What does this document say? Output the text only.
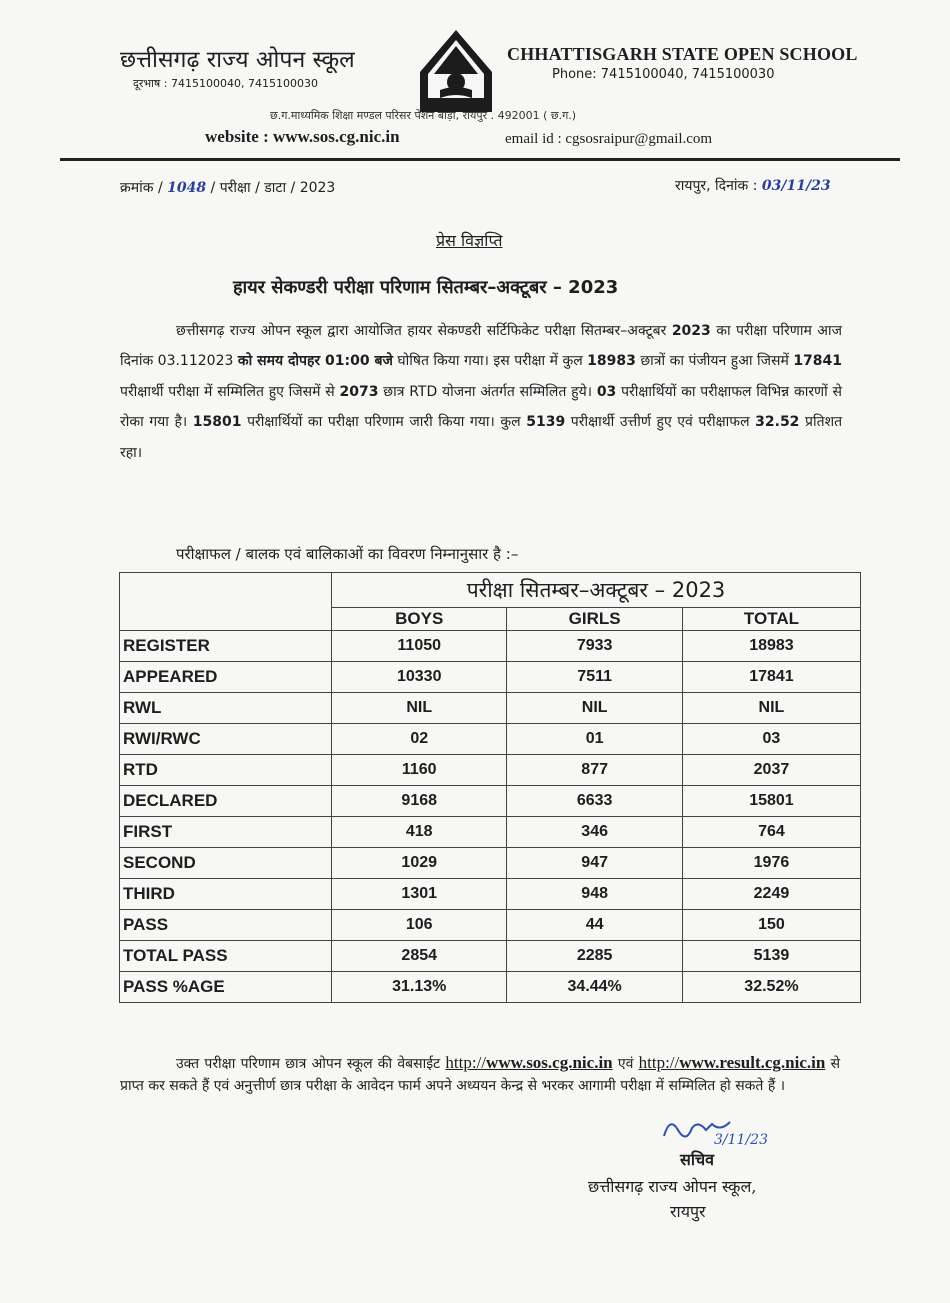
छत्तीसगढ़ राज्य ओपन स्कूल
दूरभाष : 7415100040, 7415100030
CHHATTISGARH STATE OPEN SCHOOL
Phone: 7415100040, 7415100030
छ.ग.माध्यमिक शिक्षा मण्डल परिसर पेंशन बाड़ा, रायपुर . 492001 ( छ.ग.)
website : www.sos.cg.nic.in	email id : cgsosraipur@gmail.com
क्रमांक / 1048 / परीक्षा / डाटा / 2023	रायपुर, दिनांक : 03/11/23
प्रेस विज्ञप्ति
हायर सेकण्डरी परीक्षा परिणाम सितम्बर–अक्टूबर – 2023
छत्तीसगढ़ राज्य ओपन स्कूल द्वारा आयोजित हायर सेकण्डरी सर्टिफिकेट परीक्षा सितम्बर–अक्टूबर 2023 का परीक्षा परिणाम आज दिनांक 03.112023 को समय दोपहर 01:00 बजे घोषित किया गया। इस परीक्षा में कुल 18983 छात्रों का पंजीयन हुआ जिसमें 17841 परीक्षार्थी परीक्षा में सम्मिलित हुए जिसमें से 2073 छात्र RTD योजना अंतर्गत सम्मिलित हुये। 03 परीक्षार्थियों का परीक्षाफल विभिन्न कारणों से रोका गया है। 15801 परीक्षार्थियों का परीक्षा परिणाम जारी किया गया। कुल 5139 परीक्षार्थी उत्तीर्ण हुए एवं परीक्षाफल 32.52 प्रतिशत रहा।
परीक्षाफल / बालक एवं बालिकाओं का विवरण निम्नानुसार है :–
	परीक्षा सितम्बर–अक्टूबर – 2023		
	BOYS	GIRLS	TOTAL
REGISTER	11050	7933	18983
APPEARED	10330	7511	17841
RWL	NIL	NIL	NIL
RWI/RWC	02	01	03
RTD	1160	877	2037
DECLARED	9168	6633	15801
FIRST	418	346	764
SECOND	1029	947	1976
THIRD	1301	948	2249
PASS	106	44	150
TOTAL PASS	2854	2285	5139
PASS %AGE	31.13%	34.44%	32.52%
उक्त परीक्षा परिणाम छात्र ओपन स्कूल की वेबसाईट http://www.sos.cg.nic.in एवं http://www.result.cg.nic.in से प्राप्त कर सकते हैं एवं अनुत्तीर्ण छात्र परीक्षा के आवेदन फार्म अपने अध्ययन केन्द्र से भरकर आगामी परीक्षा में सम्मिलित हो सकते हैं ।
3/11/23
सचिव
छत्तीसगढ़ राज्य ओपन स्कूल,
रायपुर
